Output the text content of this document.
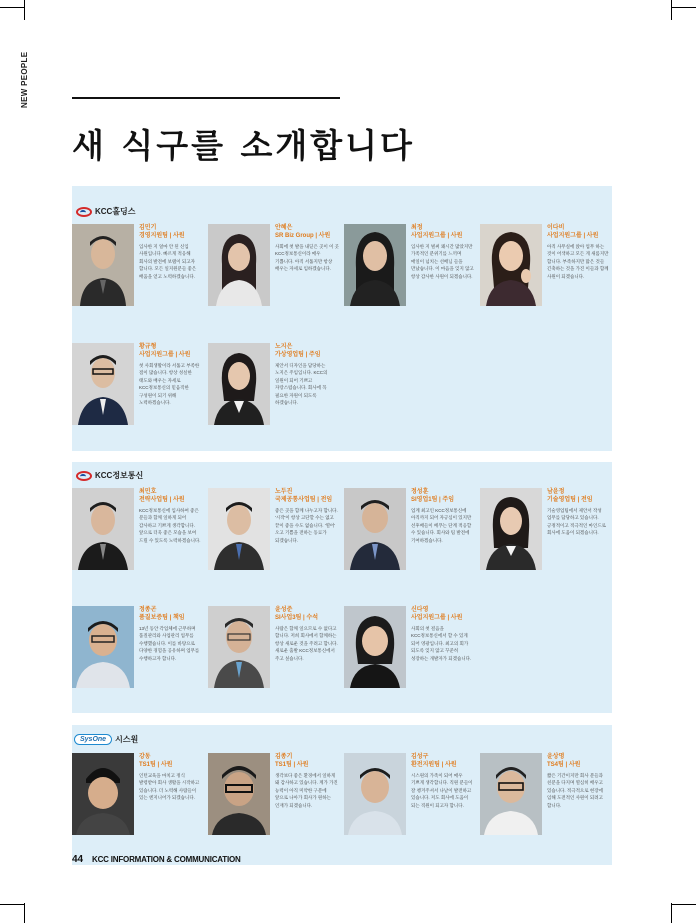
NEW PEOPLE
새 식구를 소개합니다
KCC홀딩스
김민기
경영지원팀 | 사원
입사한 지 얼마 안 된 신입 사원입니다. 빠르게 적응해 회사의 발전에 보탬이 되고자 합니다. 모든 일지원분들 좋은 배움을 얻고 노력하겠습니다.
안혜은
SR Biz Group | 사원
사회에 첫 발을 내딛은 곳이 이 곳 KCC정보통신이라 매우 기쁩니다. 아직 서툴지만 항상 배우는 자세로 임하겠습니다.
최정
사업지원그룹 | 사원
입사한 지 벌써 꽤시간 많았지만 가족적인 분위기를 느끼며 매일이 넘치는 선배님 들을 만났습니다. 이 마음을 잊지 않고 항상 감사한 사원이 되겠습니다.
이다비
사업지원그룹 | 사원
아직 사무실에 앉아 업무 하는 것이 어색하고 모든 게 새롭지만 합니다. 부족하지만 많은 것들 긴축하는 것을 가진 이들과 함께 사원이 되겠습니다.
황규형
사업지원그룹 | 사원
첫 사회생활이라 서툴고 부족한 점이 많습니다. 항상 성실한 태도와 배우는 자세로 KCC정보통신의 믿음직한 구성원이 되기 위해 노력하겠습니다.
노지은
가상영업팀 | 주임
제안서 디자인을 담당하는 노지은 주임입니다. KCC의 일원이 되어 기쁘고 자랑스럽습니다. 회사에 꼭 필요한 자원이 되도록 하겠습니다.
KCC정보통신
최민호
전략사업팀 | 사원
KCC정보통신에 입사하여 좋은 분들과 함께 일하게 되어 감사하고 기쁘게 생각합니다. 앞으로 더욱 좋은 모습을 보여 드릴 수 있도록 노력하겠습니다.
노두진
국제공통사업팀 | 전임
좋은 곳을 함께 나누고자 합니다. '시작'이 항상 고단할 수는 없고 끝이 좋을 수도 없습니다. '열어' 오고 기쁨을 전하는 동료가 되겠습니다.
정성훈
SI영업1팀 | 주임
업계 최고인 KCC정보통신에 아직까지 되어 자긍심이 있지만 선후배들이 베푸는 단계 적응할 수 있습니다. 회사와 팀 발전에 기여하겠습니다.
남윤정
기술영업팀 | 전임
기술영업팀에서 제안서 작성 업무를 담당하고 있습니다. 긍정적이고 적극적인 마인드로 회사에 도움이 되겠습니다.
정종곤
품질보증팀 | 책임
13년 동안 각업체에 근무하며 품질관리와 사업관리 업무를 수행했습니다. 이를 바탕으로 다양한 경험을 공유하며 업무를 수행하고자 합니다.
윤성준
SI사업3팀 | 수석
사람은 함께 일으므로 수 없다고 합니다. 저희 회사에서 함께하는 항상 새로운 것을 주려고 합니다. 새로운 출발 KCC정보통신에서 주고 싶습니다.
신다영
사업지원그룹 | 사원
사회의 첫 걸음을 KCC정보통신에서 할 수 있게 되어 영광입니다. 최고의 회가 되도록 잊지 않고 꾸준히 성장하는 개발자가 되겠습니다.
SysOne	시스원
강동
TS1팀 | 사원
인턴교육을 마치고 정식 발령받아 회사 생활을 시작하고 있습니다. 더 노력해 사람들이 있는 엔지니어가 되겠습니다.
김종기
TS1팀 | 사원
생각보다 좋은 환경에서 일하게 돼 감사하고 있습니다. 계가 가진 능력이 아직 미약한 구분에 앞으로 나아가 회사가 원하는 인재가 되겠습니다.
김성구
환전지원팀 | 사원
시스원의 가족이 되어 매우 기쁘게 생각합니다. 직원 분들이 잘 챙겨주셔서 나날이 발전하고 있습니다. 저도 회사에 도움이 되는 직원이 되고자 합니다.
윤상명
TS4팀 | 사원
짧은 기간이지만 회사 분들과 친분을 다지며 열심히 배우고 있습니다. 적극적으로 현장에 임해 도전적인 사원이 되려고 합니다.
44 KCC INFORMATION & COMMUNICATION
